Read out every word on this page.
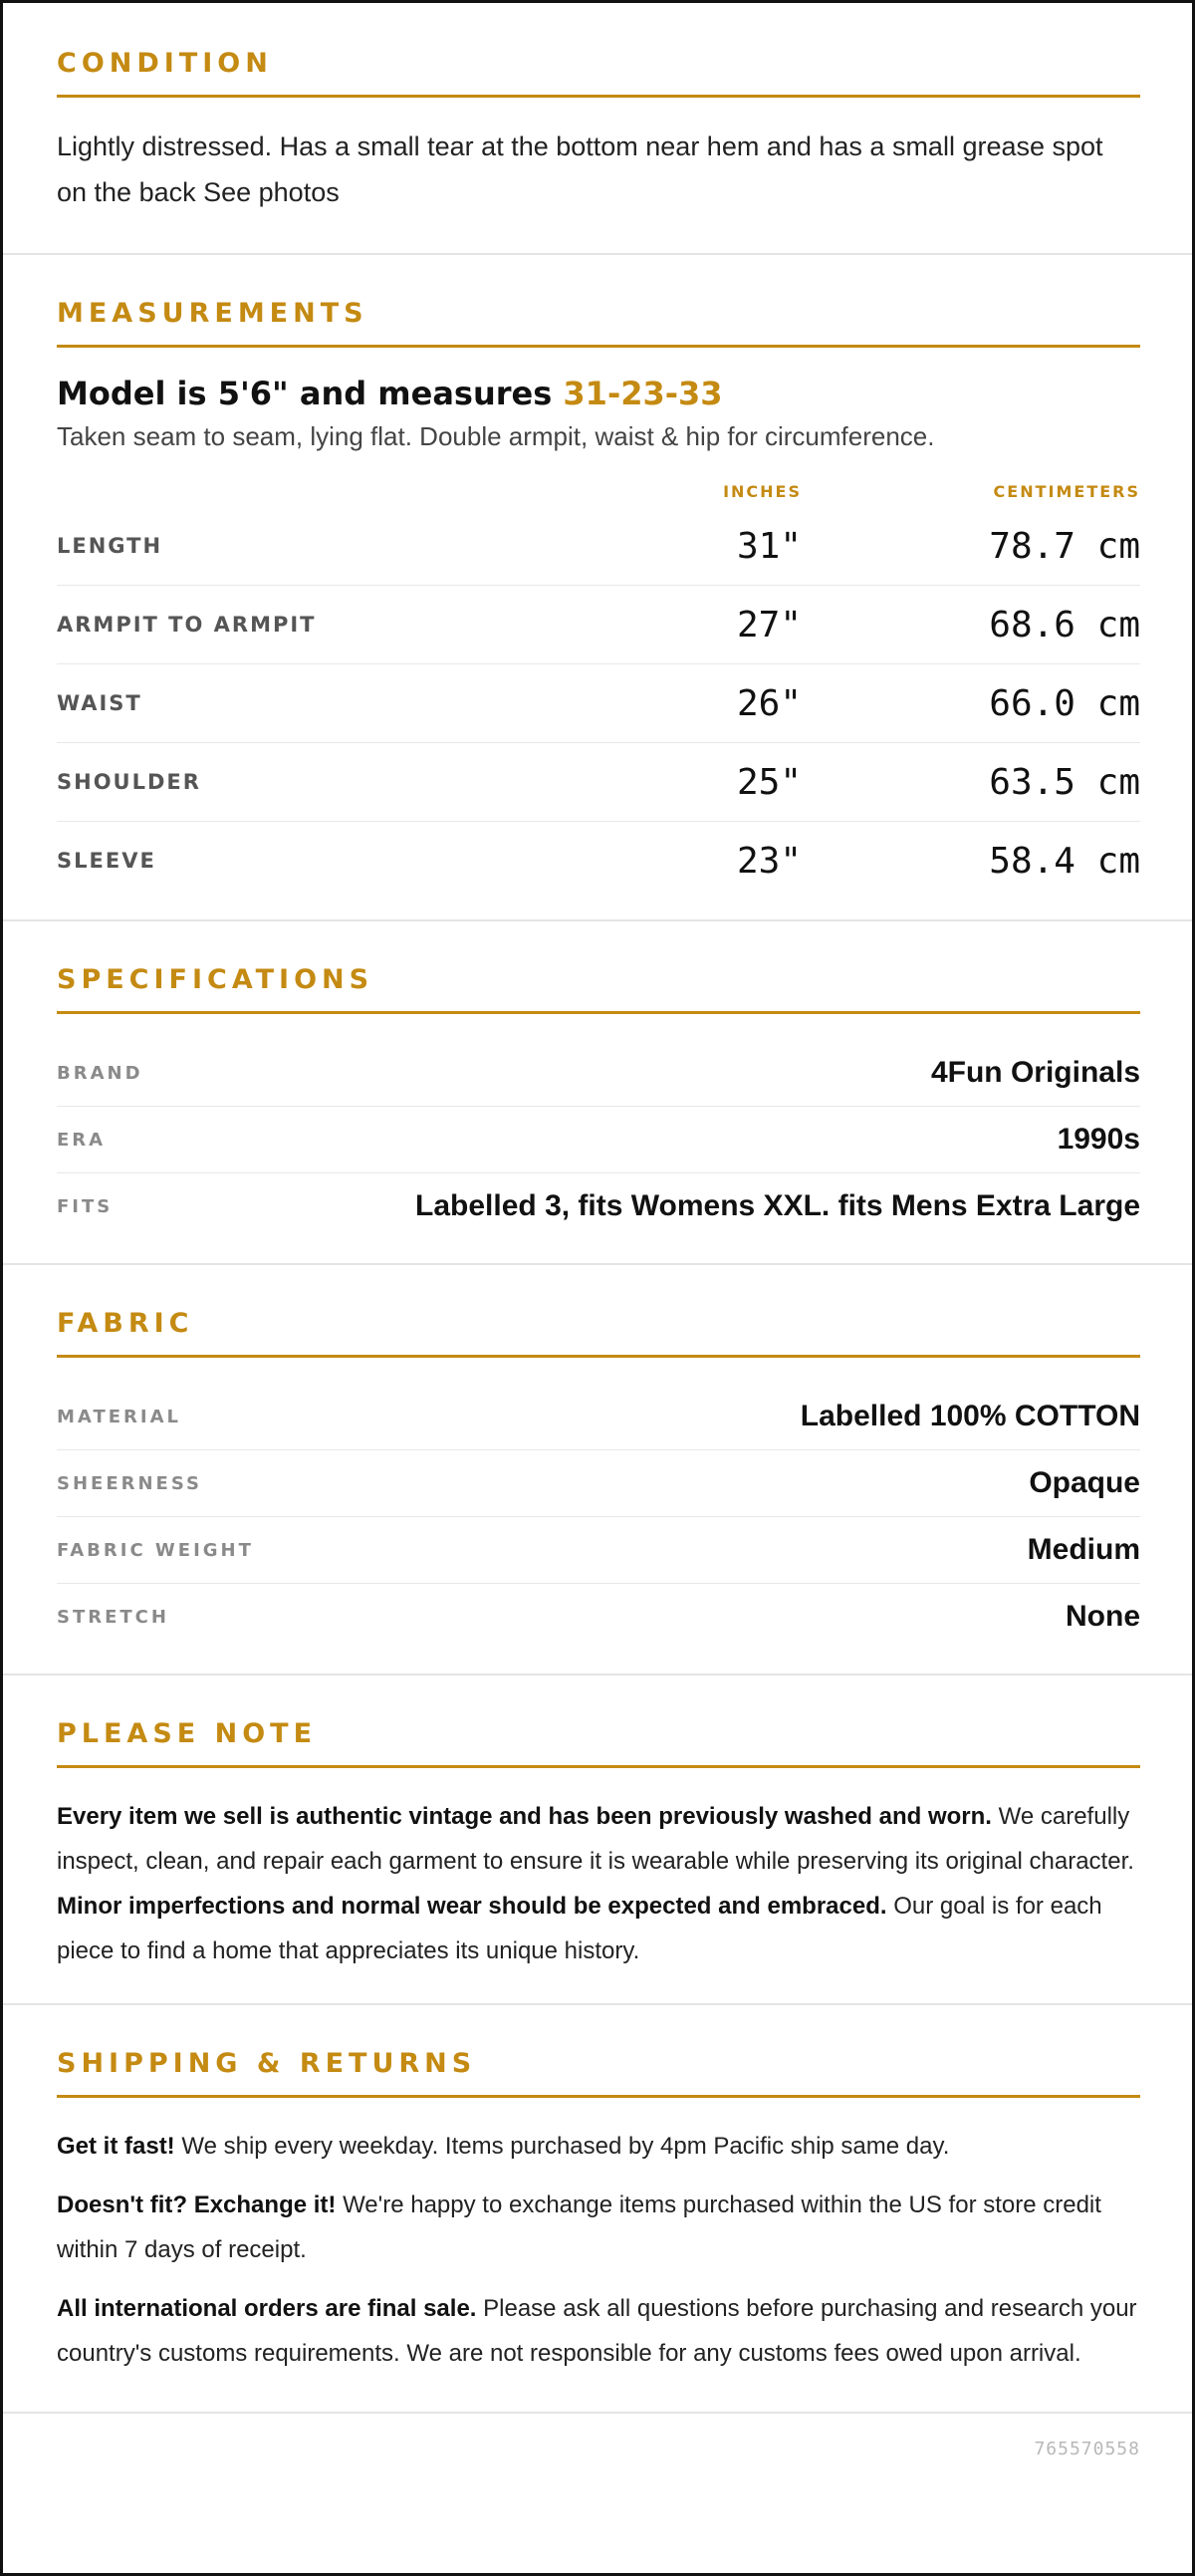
CONDITION

Lightly distressed. Has a small tear at the bottom near hem and has a small grease spot on the back See photos

MEASUREMENTS
Model is 5'6" and measures 31-23-33
Taken seam to seam, lying flat. Double armpit, waist & hip for circumference.
INCHES	CENTIMETERS
LENGTH	31"	78.7 cm
ARMPIT TO ARMPIT	27"	68.6 cm
WAIST	26"	66.0 cm
SHOULDER	25"	63.5 cm
SLEEVE	23"	58.4 cm
SPECIFICATIONS
BRAND	4Fun Originals
ERA	1990s
FITS	Labelled 3, fits Womens XXL. fits Mens Extra Large
FABRIC
MATERIAL	Labelled 100% COTTON
SHEERNESS	Opaque
FABRIC WEIGHT	Medium
STRETCH	None
PLEASE NOTE

Every item we sell is authentic vintage and has been previously washed and worn. We carefully inspect, clean, and repair each garment to ensure it is wearable while preserving its original character. Minor imperfections and normal wear should be expected and embraced. Our goal is for each piece to find a home that appreciates its unique history.

SHIPPING & RETURNS

Get it fast! We ship every weekday. Items purchased by 4pm Pacific ship same day.

Doesn't fit? Exchange it! We're happy to exchange items purchased within the US for store credit within 7 days of receipt.

All international orders are final sale. Please ask all questions before purchasing and research your country's customs requirements. We are not responsible for any customs fees owed upon arrival.

765570558
